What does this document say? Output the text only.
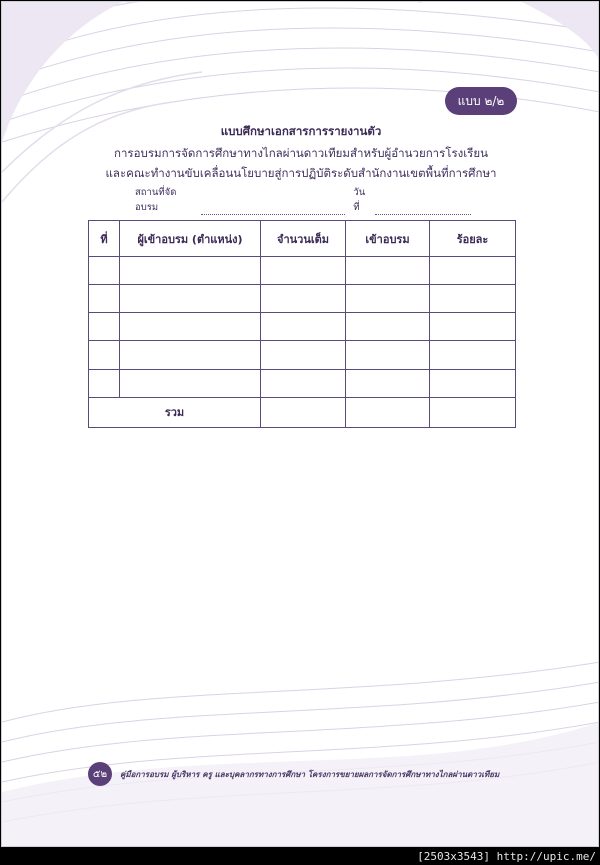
แบบ ๒/๒
แบบศึกษาเอกสารการรายงานตัว
การอบรมการจัดการศึกษาทางไกลผ่านดาวเทียมสำหรับผู้อำนวยการโรงเรียน
และคณะทำงานขับเคลื่อนนโยบายสู่การปฏิบัติระดับสำนักงานเขตพื้นที่การศึกษา
สถานที่จัดอบรม
วันที่
ที่	ผู้เข้าอบรม (ตำแหน่ง)	จำนวนเต็ม	เข้าอบรม	ร้อยละ

รวม				
๕๒	คู่มือการอบรม ผู้บริหาร ครู และบุคลากรทางการศึกษา โครงการขยายผลการจัดการศึกษาทางไกลผ่านดาวเทียม
[2503x3543] http://upic.me/
